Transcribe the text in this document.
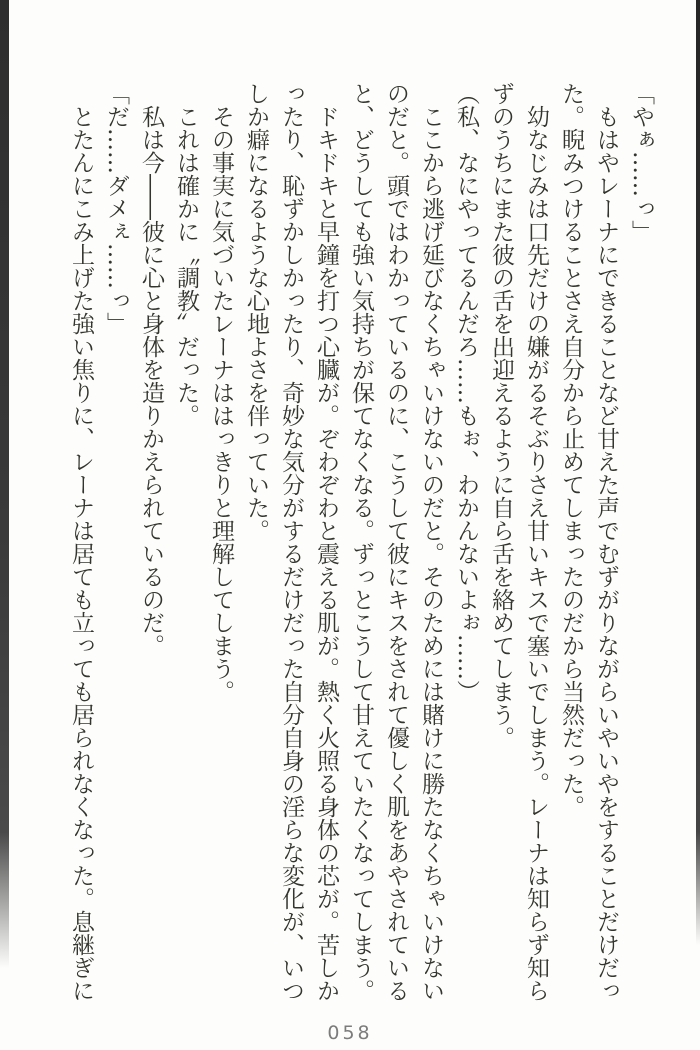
「やぁ……っ」

もはやレーナにできることなど甘えた声でむずがりながらいやいやをすることだけだった。睨みつけることさえ自分から止めてしまったのだから当然だった。

幼なじみは口先だけの嫌がるそぶりさえ甘いキスで塞いでしまう。レーナは知らず知らずのうちにまた彼の舌を出迎えるように自ら舌を絡めてしまう。

（私、なにやってるんだろ……もぉ、わかんないよぉ……）

ここから逃げ延びなくちゃいけないのだと。そのためには賭けに勝たなくちゃいけないのだと。頭ではわかっているのに、こうして彼にキスをされて優しく肌をあやされていると、どうしても強い気持ちが保てなくなる。ずっとこうして甘えていたくなってしまう。

ドキドキと早鐘を打つ心臓が。ぞわぞわと震える肌が。熱く火照る身体の芯が。苦しかったり、恥ずかしかったり、奇妙な気分がするだけだった自分自身の淫らな変化が、いつしか癖になるような心地よさを伴っていた。

その事実に気づいたレーナははっきりと理解してしまう。

これは確かに〝調教〟だった。

私は今――彼に心と身体を造りかえられているのだ。

「だ……ダメぇ……っ」

とたんにこみ上げた強い焦りに、レーナは居ても立っても居られなくなった。息継ぎに

058
